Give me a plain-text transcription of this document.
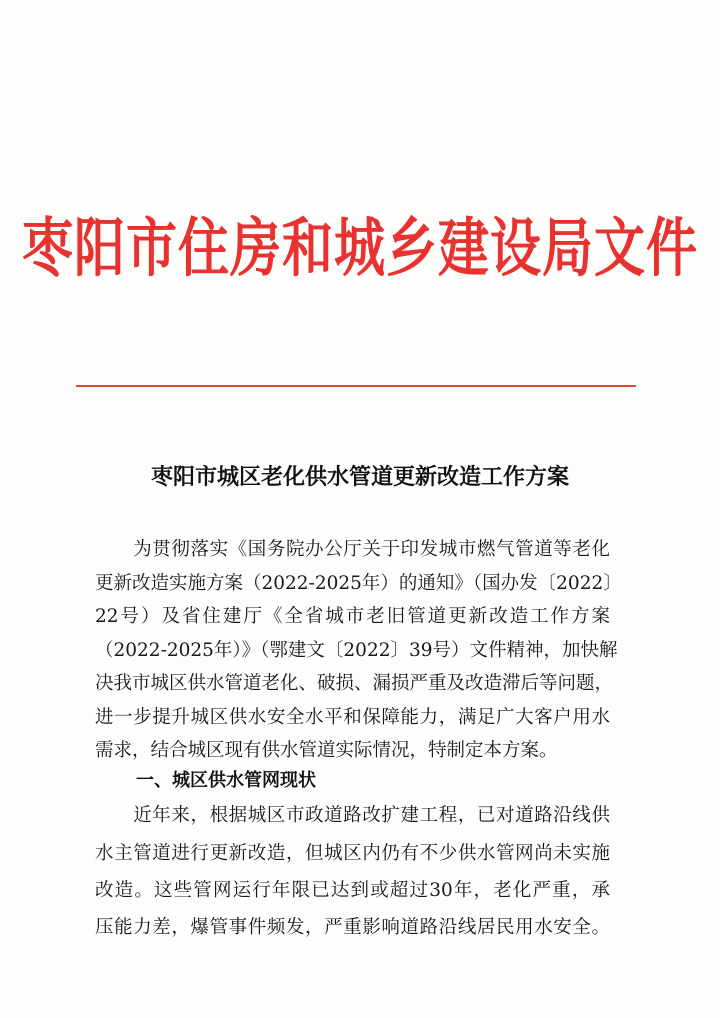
枣阳市住房和城乡建设局文件
枣阳市城区老化供水管道更新改造工作方案
　　为贯彻落实《国务院办公厅关于印发城市燃气管道等老化
更新改造实施方案（2022-2025年）的通知》（国办发〔2022〕
22号）及省住建厅《全省城市老旧管道更新改造工作方案
（2022-2025年）》（鄂建文〔2022〕39号）文件精神，加快解
决我市城区供水管道老化、破损、漏损严重及改造滞后等问题，
进一步提升城区供水安全水平和保障能力，满足广大客户用水
需求，结合城区现有供水管道实际情况，特制定本方案。
一、城区供水管网现状
　　近年来，根据城区市政道路改扩建工程，已对道路沿线供
水主管道进行更新改造，但城区内仍有不少供水管网尚未实施
改造。这些管网运行年限已达到或超过30年，老化严重，承
压能力差，爆管事件频发，严重影响道路沿线居民用水安全。
